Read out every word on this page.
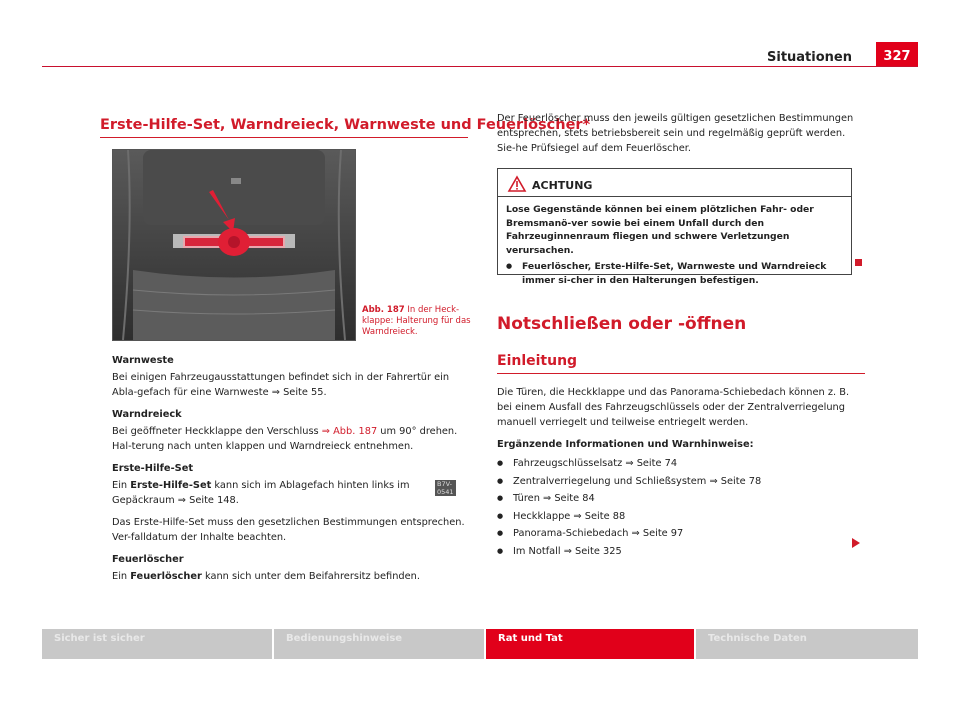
Situationen	327
Erste-Hilfe-Set, Warndreieck, Warnweste und Feuerlöscher*
B7V-0541
Abb. 187 In der Heck-klappe: Halterung für das Warndreieck.

Warnweste

Bei einigen Fahrzeugausstattungen befindet sich in der Fahrertür ein Abla-gefach für eine Warnweste ⇒ Seite 55.

Warndreieck

Bei geöffneter Heckklappe den Verschluss ⇒ Abb. 187 um 90° drehen. Hal-terung nach unten klappen und Warndreieck entnehmen.

Erste-Hilfe-Set

Ein Erste-Hilfe-Set kann sich im Ablagefach hinten links im Gepäckraum ⇒ Seite 148.

Das Erste-Hilfe-Set muss den gesetzlichen Bestimmungen entsprechen. Ver-falldatum der Inhalte beachten.

Feuerlöscher

Ein Feuerlöscher kann sich unter dem Beifahrersitz befinden.

Der Feuerlöscher muss den jeweils gültigen gesetzlichen Bestimmungen entsprechen, stets betriebsbereit sein und regelmäßig geprüft werden. Sie-he Prüfsiegel auf dem Feuerlöscher.

ACHTUNG

Lose Gegenstände können bei einem plötzlichen Fahr- oder Bremsmanö-ver sowie bei einem Unfall durch den Fahrzeuginnenraum fliegen und schwere Verletzungen verursachen.

● Feuerlöscher, Erste-Hilfe-Set, Warnweste und Warndreieck immer si-cher in den Halterungen befestigen.
Notschließen oder -öffnen
Einleitung

Die Türen, die Heckklappe und das Panorama-Schiebedach können z. B. bei einem Ausfall des Fahrzeugschlüssels oder der Zentralverriegelung manuell verriegelt und teilweise entriegelt werden.

Ergänzende Informationen und Warnhinweise:

● Fahrzeugschlüsselsatz ⇒ Seite 74
● Zentralverriegelung und Schließsystem ⇒ Seite 78
● Türen ⇒ Seite 84
● Heckklappe ⇒ Seite 88
● Panorama-Schiebedach ⇒ Seite 97
● Im Notfall ⇒ Seite 325
Sicher ist sicher	Bedienungshinweise	Rat und Tat	Technische Daten
